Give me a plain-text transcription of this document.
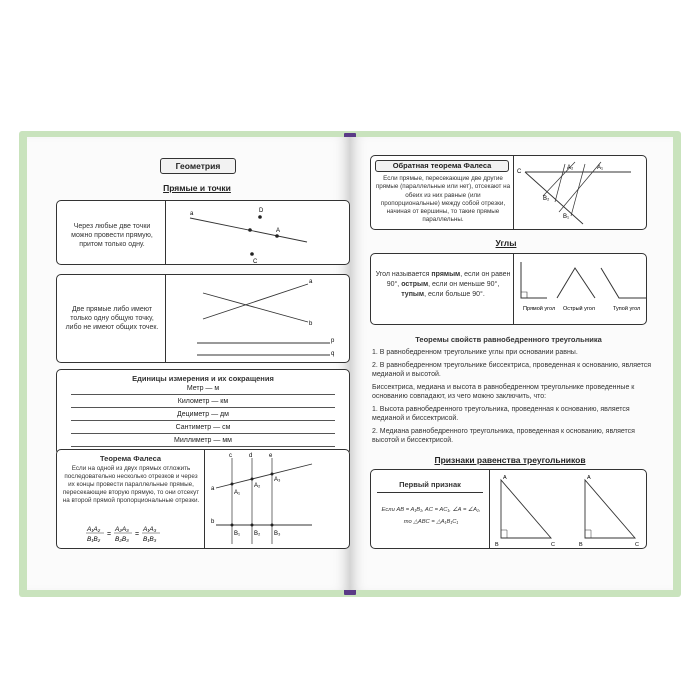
Геометрия
Прямые и точки
Через любые две точки можно провести прямую, притом только одну.
a	D
A
C
Две прямые либо имеют только одну общую точку, либо не имеют общих точек.
a
b
p
q
Единицы измерения и их сокращения
Метр — м
Километр — км
Дециметр — дм
Сантиметр — см
Миллиметр — мм
Теорема Фалеса
Если на одной из двух прямых отложить последовательно несколько отрезков и через их концы провести параллельные прямые, пересекающие вторую прямую, то они отсекут на второй прямой пропорциональные отрезки.
A₁A₂
B₁B₂
=
A₂A₃
B₂B₃
=
A₁A₃
B₁B₃
c	d	e
a
A₁
A₂
A₃
b
B₁ B₂ B₃
Обратная теорема Фалеса
Если прямые, пересекающие две другие прямые (параллельные или нет), отсекают на обеих из них равные (или пропорциональные) между собой отрезки, начиная от вершины, то такие прямые параллельны.
C
A₂	A₁
B₂
B₁
Углы
Угол называется прямым, если он равен 90°, острым, если он меньше 90°, тупым, если больше 90°.
Прямой угол Острый угол	Тупой угол
Теоремы свойств равнобедренного треугольника
1. В равнобедренном треугольнике углы при основании равны.
2. В равнобедренном треугольнике биссектриса, проведенная к основанию, является медианой и высотой.
Биссектриса, медиана и высота в равнобедренном треугольнике проведенные к основанию совпадают, из чего можно заключить, что:
1. Высота равнобедренного треугольника, проведенная к основанию, является медианой и биссектрисой.
2. Медиана равнобедренного треугольника, проведенная к основанию, является высотой и биссектрисой.
Признаки равенства треугольников
Первый признак
Если AB = A₁B₁, AC = AC₁, ∠A = ∠A₁,
то △ABC = △A₁B₁C₁
A
B	C
A
B	C
